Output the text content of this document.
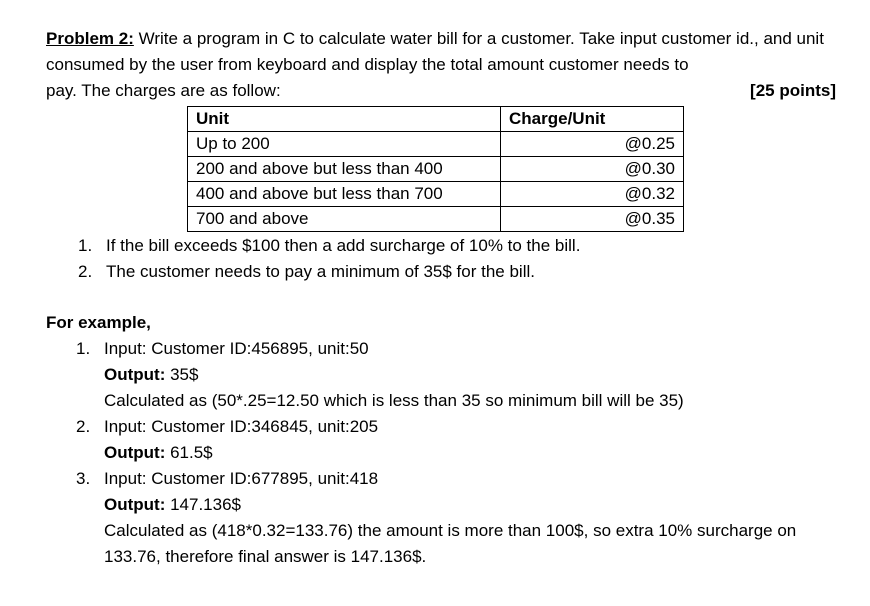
Problem 2: Write a program in C to calculate water bill for a customer. Take input customer id., and unit consumed by the user from keyboard and display the total amount customer needs to

pay. The charges are as follow:	[25 points]
Unit	Charge/Unit
Up to 200	@0.25
200 and above but less than 400	@0.30
400 and above but less than 700	@0.32
700 and above	@0.35
1. If the bill exceeds $100 then a add surcharge of 10% to the bill.
2. The customer needs to pay a minimum of 35$ for the bill.
For example,
1. Input: Customer ID:456895, unit:50
Output: 35$
Calculated as (50*.25=12.50 which is less than 35 so minimum bill will be 35)
2. Input: Customer ID:346845, unit:205
Output: 61.5$
3. Input: Customer ID:677895, unit:418
Output: 147.136$
Calculated as (418*0.32=133.76) the amount is more than 100$, so extra 10% surcharge on 133.76, therefore final answer is 147.136$.
